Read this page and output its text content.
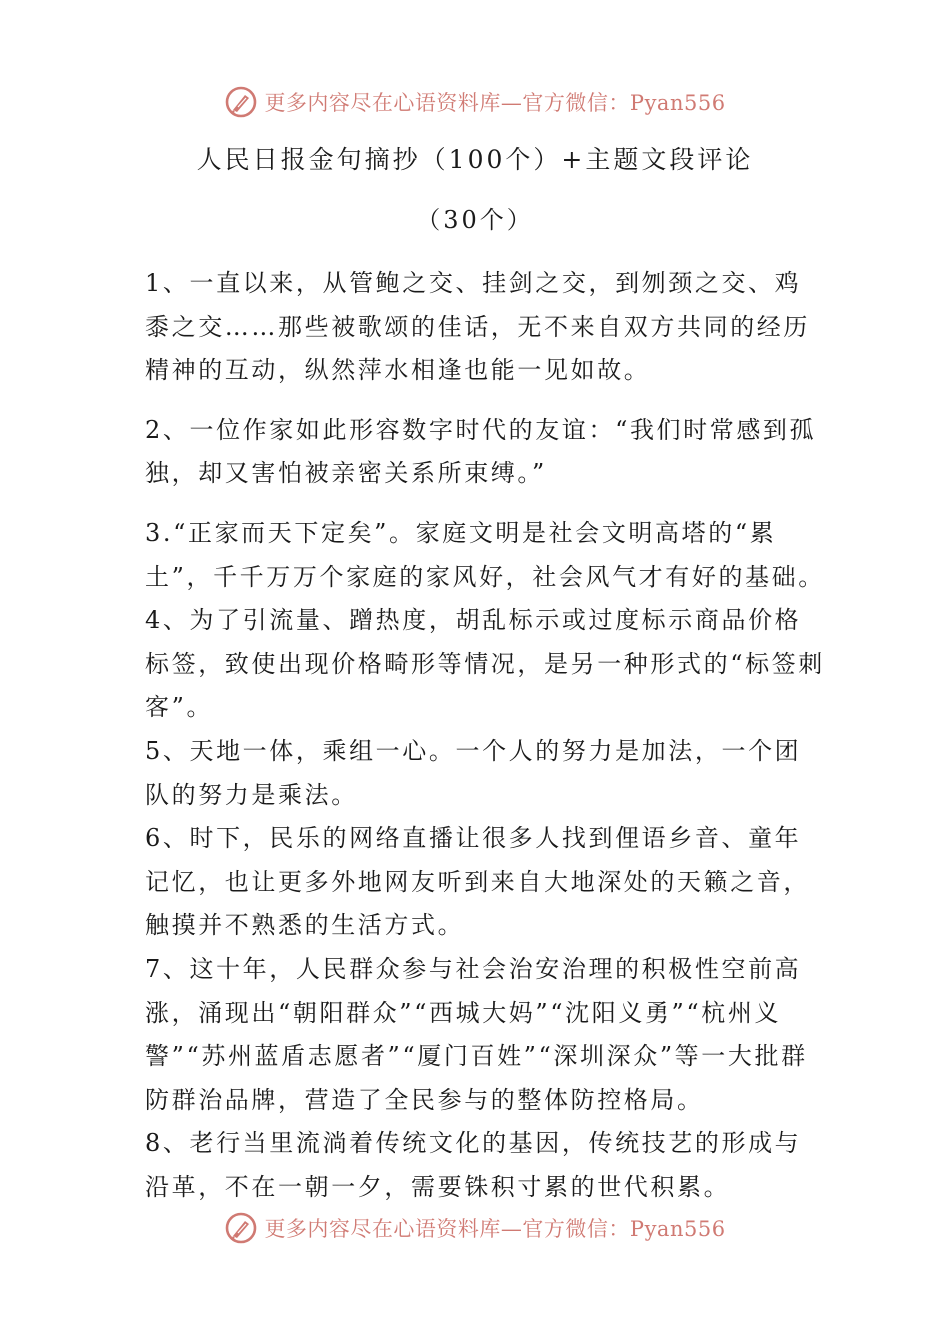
更多内容尽在心语资料库—官方微信：Pyan556
人民日报金句摘抄（100个）+主题文段评论
（30个）

1、一直以来，从管鲍之交、挂剑之交，到刎颈之交、鸡黍之交……那些被歌颂的佳话，无不来自双方共同的经历精神的互动，纵然萍水相逢也能一见如故。

2、一位作家如此形容数字时代的友谊：“我们时常感到孤独，却又害怕被亲密关系所束缚。”

3.“正家而天下定矣”。家庭文明是社会文明高塔的“累土”，千千万万个家庭的家风好，社会风气才有好的基础。

4、为了引流量、蹭热度，胡乱标示或过度标示商品价格标签，致使出现价格畸形等情况，是另一种形式的“标签刺客”。

5、天地一体，乘组一心。一个人的努力是加法，一个团队的努力是乘法。

6、时下，民乐的网络直播让很多人找到俚语乡音、童年记忆，也让更多外地网友听到来自大地深处的天籁之音，触摸并不熟悉的生活方式。

7、这十年，人民群众参与社会治安治理的积极性空前高涨，涌现出“朝阳群众”“西城大妈”“沈阳义勇”“杭州义警”“苏州蓝盾志愿者”“厦门百姓”“深圳深众”等一大批群防群治品牌，营造了全民参与的整体防控格局。

8、老行当里流淌着传统文化的基因，传统技艺的形成与沿革，不在一朝一夕，需要铢积寸累的世代积累。

更多内容尽在心语资料库—官方微信：Pyan556
